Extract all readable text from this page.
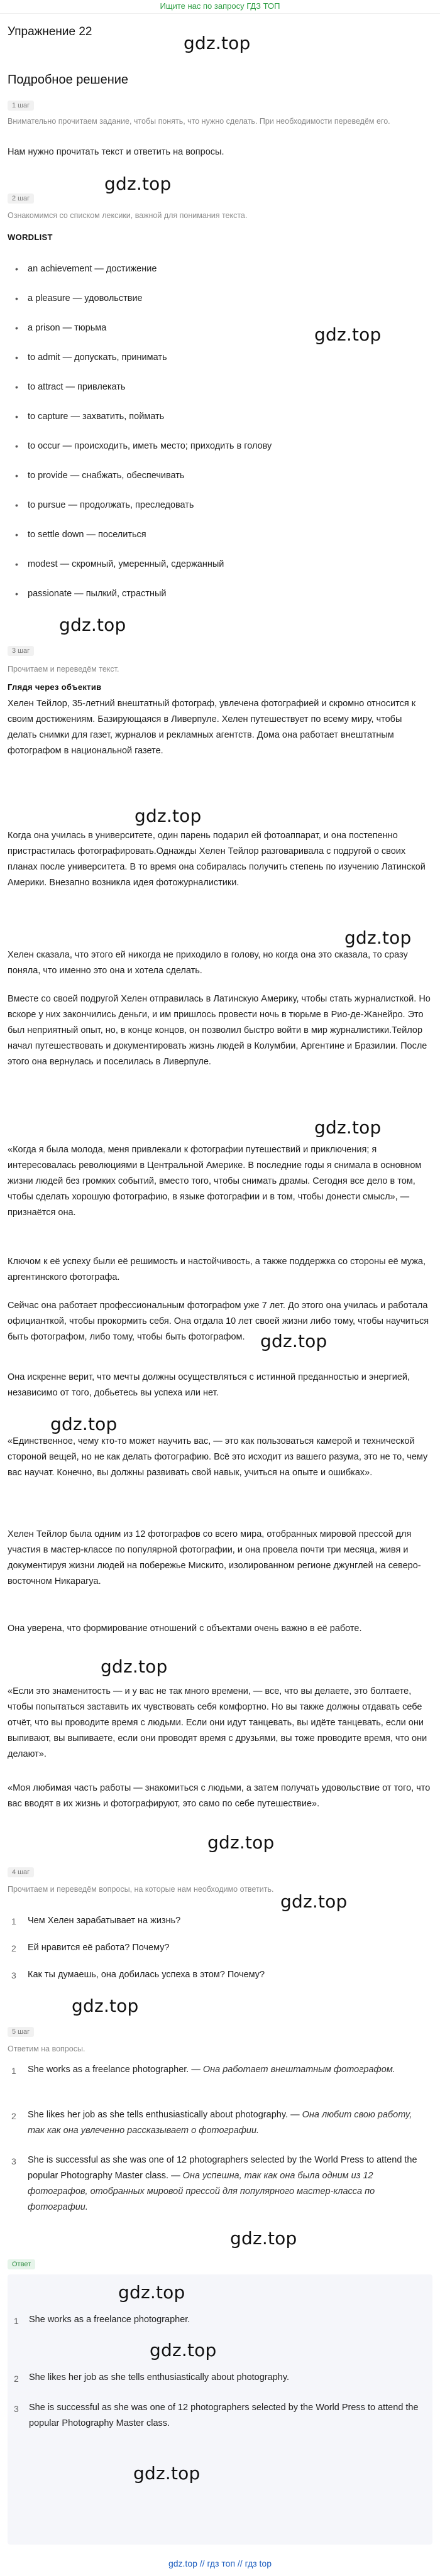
Ищите нас по запросу ГДЗ ТОП
Упражнение 22
gdz.top
Подробное решение
1 шаг
Внимательно прочитаем задание, чтобы понять, что нужно сделать. При необходимости переведём его.
Нам нужно прочитать текст и ответить на вопросы.
gdz.top
2 шаг
Ознакомимся со списком лексики, важной для понимания текста.
WORDLIST
• an achievement — достижение
• a pleasure — удовольствие
• a prison — тюрьма	gdz.top
• to admit — допускать, принимать
• to attract — привлекать
• to capture — захватить, поймать
• to occur — происходить, иметь место; приходить в голову
• to provide — снабжать, обеспечивать
• to pursue — продолжать, преследовать
• to settle down — поселиться
• modest — скромный, умеренный, сдержанный
• passionate — пылкий, страстный
gdz.top
3 шаг
Прочитаем и переведём текст.
Глядя через объектив
Хелен Тейлор, 35-летний внештатный фотограф, увлечена фотографией и скромно относится к своим достижениям. Базирующаяся в Ливерпуле. Хелен путешествует по всему миру, чтобы делать снимки для газет, журналов и рекламных агентств. Дома она работает внештатным фотографом в национальной газете.
gdz.top
Когда она училась в университете, один парень подарил ей фотоаппарат, и она постепенно пристрастилась фотографировать.Однажды Хелен Тейлор разговаривала с подругой о своих планах после университета. В то время она собиралась получить степень по изучению Латинской Америки. Внезапно возникла идея фотожурналистики.
gdz.top
Хелен сказала, что этого ей никогда не приходило в голову, но когда она это сказала, то сразу поняла, что именно это она и хотела сделать.
Вместе со своей подругой Хелен отправилась в Латинскую Америку, чтобы стать журналисткой. Но вскоре у них закончились деньги, и им пришлось провести ночь в тюрьме в Рио-де-Жанейро. Это был неприятный опыт, но, в конце концов, он позволил быстро войти в мир журналистики.Тейлор начал путешествовать и документировать жизнь людей в Колумбии, Аргентине и Бразилии. После этого она вернулась и поселилась в Ливерпуле.
gdz.top
«Когда я была молода, меня привлекали к фотографии путешествий и приключения; я интересовалась революциями в Центральной Америке. В последние годы я снимала в основном жизни людей без громких событий, вместо того, чтобы снимать драмы. Сегодня все дело в том, чтобы сделать хорошую фотографию, в языке фотографии и в том, чтобы донести смысл», — признаётся она.
Ключом к её успеху были её решимость и настойчивость, а также поддержка со стороны её мужа, аргентинского фотографа.
Сейчас она работает профессиональным фотографом уже 7 лет. До этого она училась и работала официанткой, чтобы прокормить себя. Она отдала 10 лет своей жизни либо тому, чтобы научиться быть фотографом, либо тому, чтобы быть фотографом. gdz.top
Она искренне верит, что мечты должны осуществляться с истинной преданностью и энергией, независимо от того, добьетесь вы успеха или нет.
gdz.top
«Единственное, чему кто-то может научить вас, — это как пользоваться камерой и технической стороной вещей, но не как делать фотографию. Всё это исходит из вашего разума, это не то, чему вас научат. Конечно, вы должны развивать свой навык, учиться на опыте и ошибках».
Хелен Тейлор была одним из 12 фотографов со всего мира, отобранных мировой прессой для участия в мастер-классе по популярной фотографии, и она провела почти три месяца, живя и документируя жизни людей на побережье Мискито, изолированном регионе джунглей на северо-восточном Никарагуа.
Она уверена, что формирование отношений с объектами очень важно в её работе.
gdz.top
«Если это знаменитость — и у вас не так много времени, — все, что вы делаете, это болтаете, чтобы попытаться заставить их чувствовать себя комфортно. Но вы также должны отдавать себе отчёт, что вы проводите время с людьми. Если они идут танцевать, вы идёте танцевать, если они выпивают, вы выпиваете, если они проводят время с друзьями, вы тоже проводите время, что они делают».
«Моя любимая часть работы — знакомиться с людьми, а затем получать удовольствие от того, что вас вводят в их жизнь и фотографируют, это само по себе путешествие».
gdz.top
4 шаг
Прочитаем и переведём вопросы, на которые нам необходимо ответить.
gdz.top
1 Чем Хелен зарабатывает на жизнь?
2 Ей нравится её работа? Почему?
3 Как ты думаешь, она добилась успеха в этом? Почему?
gdz.top
5 шаг
Ответим на вопросы.
1 She works as a freelance photographer. — Она работает внештатным фотографом.
2 She likes her job as she tells enthusiastically about photography. — Она любит свою работу, так как она увлеченно рассказывает о фотографии.
3 She is successful as she was one of 12 photographers selected by the World Press to attend the popular Photography Master class. — Она успешна, так как она была одним из 12 фотографов, отобранных мировой прессой для популярного мастер-класса по фотографии.
gdz.top
Ответ
gdz.top
1 She works as a freelance photographer.
gdz.top
2 She likes her job as she tells enthusiastically about photography.
3 She is successful as she was one of 12 photographers selected by the World Press to attend the popular Photography Master class.
gdz.top
gdz.top // гдз топ // гдз top
